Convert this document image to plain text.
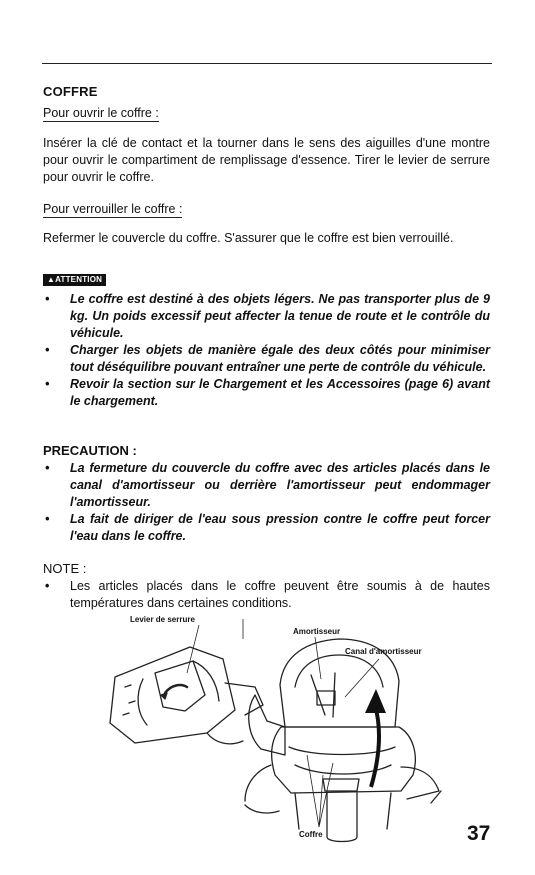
COFFRE
Pour ouvrir le coffre :
Insérer la clé de contact et la tourner dans le sens des aiguilles d'une montre pour ouvrir le compartiment de remplissage d'essence. Tirer le levier de serrure pour ouvrir le coffre.
Pour verrouiller le coffre :
Refermer le couvercle du coffre. S'assurer que le coffre est bien verrouillé.
▲ATTENTION
• Le coffre est destiné à des objets légers. Ne pas transporter plus de 9 kg. Un poids excessif peut affecter la tenue de route et le contrôle du véhicule.
• Charger les objets de manière égale des deux côtés pour minimiser tout déséquilibre pouvant entraîner une perte de contrôle du véhicule.
• Revoir la section sur le Chargement et les Accessoires (page 6) avant le chargement.
PRECAUTION :
• La fermeture du couvercle du coffre avec des articles placés dans le canal d'amortisseur ou derrière l'amortisseur peut endommager l'amortisseur.
• La fait de diriger de l'eau sous pression contre le coffre peut forcer l'eau dans le coffre.
NOTE :
• Les articles placés dans le coffre peuvent être soumis à de hautes températures dans certaines conditions.
Levier de serrure
Amortisseur
Canal d'amortisseur
Coffre	37
